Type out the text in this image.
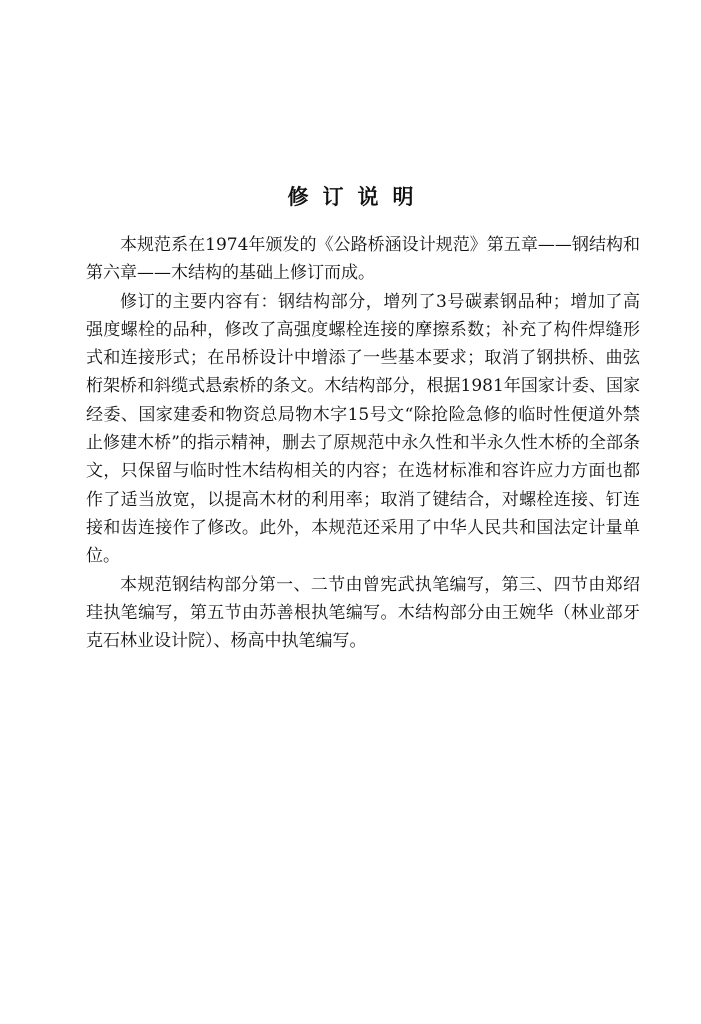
修订说明

本规范系在1974年颁发的《公路桥涵设计规范》第五章——钢结构和第六章——木结构的基础上修订而成。

修订的主要内容有：钢结构部分，增列了3号碳素钢品种；增加了高强度螺栓的品种，修改了高强度螺栓连接的摩擦系数；补充了构件焊缝形式和连接形式；在吊桥设计中增添了一些基本要求；取消了钢拱桥、曲弦桁架桥和斜缆式悬索桥的条文。木结构部分，根据1981年国家计委、国家经委、国家建委和物资总局物木字15号文“除抢险急修的临时性便道外禁止修建木桥”的指示精神，删去了原规范中永久性和半永久性木桥的全部条文，只保留与临时性木结构相关的内容；在选材标准和容许应力方面也都作了适当放宽，以提高木材的利用率；取消了键结合，对螺栓连接、钉连接和齿连接作了修改。此外，本规范还采用了中华人民共和国法定计量单位。

本规范钢结构部分第一、二节由曾宪武执笔编写，第三、四节由郑绍珪执笔编写，第五节由苏善根执笔编写。木结构部分由王婉华（林业部牙克石林业设计院）、杨高中执笔编写。
